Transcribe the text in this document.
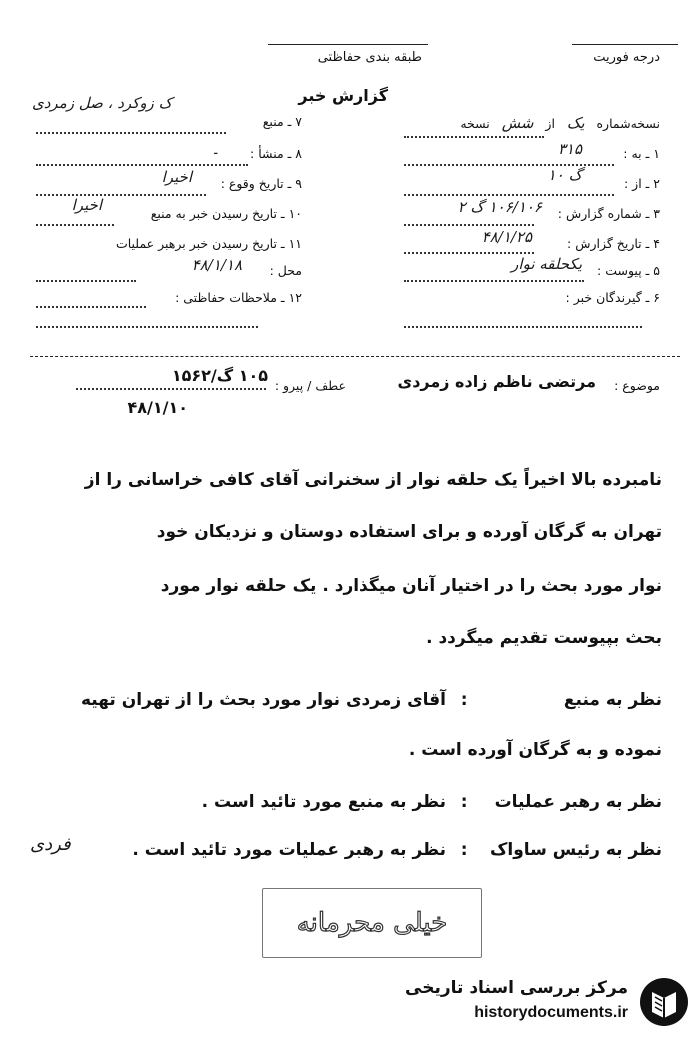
درجه فوریت
طبقه بندی حفاظتی
گزارش خبر
نسخه‌شماره یک از شش نسخه
۷ ـ منبع
ک‌ زوکرد ، صل زمردی
۸ ـ منشأ :
۔
۹ ـ تاریخ وقوع :
اخیرا
۱۰ ـ تاریخ رسیدن خبر به منبع
اخیرا
۱۱ ـ تاریخ رسیدن خبر برهبر عملیات
محل :
۴۸/۱/۱۸
۱۲ ـ ملاحظات حفاظتی :
۱ ـ به :
۳۱۵
۲ ـ از :
گ ۱۰
۳ ـ شماره گزارش :
۱۰۶/۱۰۶ گ ۲
۴ ـ تاریخ گزارش :
۴۸/۱/۲۵
۵ ـ پیوست :
یکحلقه نوار
۶ ـ گیرندگان خبر :
موضوع :
مرتضی ناظم زاده زمردی
عطف / پیرو :
۱۰۵ گ/۱۵۶۲
۴۸/۱/۱۰
نامبرده بالا اخیراً یک حلقه نوار از سخنرانی آقای کافی خراسانی را از
تهران به گرگان آورده و برای استفاده دوستان و نزدیکان خود
نوار مورد بحث را در اختیار آنان میگذارد . یک حلقه نوار مورد
بحث بپیوست تقدیم میگردد .
نظر به منبع
:
آقای زمردی نوار مورد بحث را از تهران تهیه
نموده و به گرگان آورده است .
نظر به رهبر عملیات
:
نظر به منبع مورد تائید است .
نظر به رئیس ساواک
:
نظر به رهبر عملیات مورد تائید است .
فردی
خیلی محرمانه
مرکز بررسی اسناد تاریخی
historydocuments.ir
